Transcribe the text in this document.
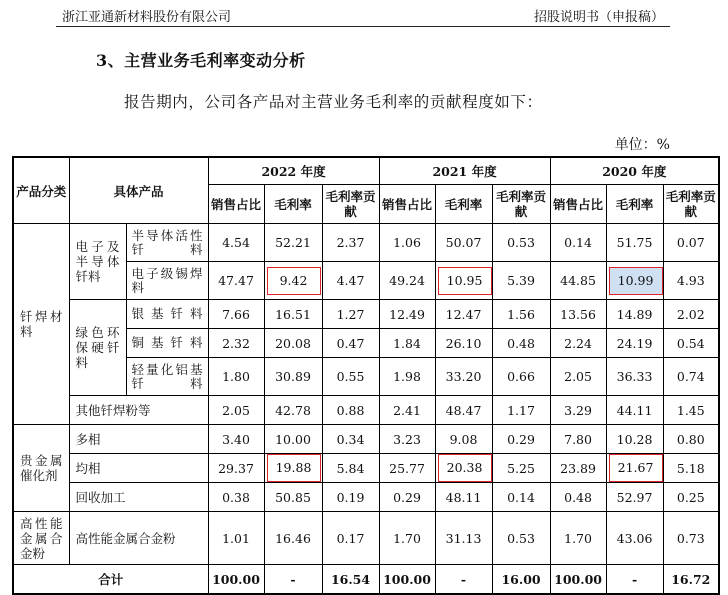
浙江亚通新材料股份有限公司	招股说明书（申报稿）
3、主营业务毛利率变动分析
报告期内，公司各产品对主营业务毛利率的贡献程度如下：
单位：%
产品分类	具体产品		2022 年度			2021 年度			2020 年度		
			销售占比	毛利率	毛利率贡献	销售占比	毛利率	毛利率贡献	销售占比	毛利率	毛利率贡献
钎焊材料	电子及半导体钎料	半导体活性钎料	4.54	52.21	2.37	1.06	50.07	0.53	0.14	51.75	0.07
		电子级锡焊料	47.47	9.42	4.47	49.24	10.95	5.39	44.85	10.99	4.93
	绿色环保硬钎料	银基钎料	7.66	16.51	1.27	12.49	12.47	1.56	13.56	14.89	2.02
		铜基钎料	2.32	20.08	0.47	1.84	26.10	0.48	2.24	24.19	0.54
		轻量化铝基钎料	1.80	30.89	0.55	1.98	33.20	0.66	2.05	36.33	0.74
	其他钎焊粉等		2.05	42.78	0.88	2.41	48.47	1.17	3.29	44.11	1.45
贵金属催化剂	多相		3.40	10.00	0.34	3.23	9.08	0.29	7.80	10.28	0.80
	均相		29.37	19.88	5.84	25.77	20.38	5.25	23.89	21.67	5.18
	回收加工		0.38	50.85	0.19	0.29	48.11	0.14	0.48	52.97	0.25
高性能金属合金粉	高性能金属合金粉		1.01	16.46	0.17	1.70	31.13	0.53	1.70	43.06	0.73
合计			100.00	-	16.54	100.00	-	16.00	100.00	-	16.72
